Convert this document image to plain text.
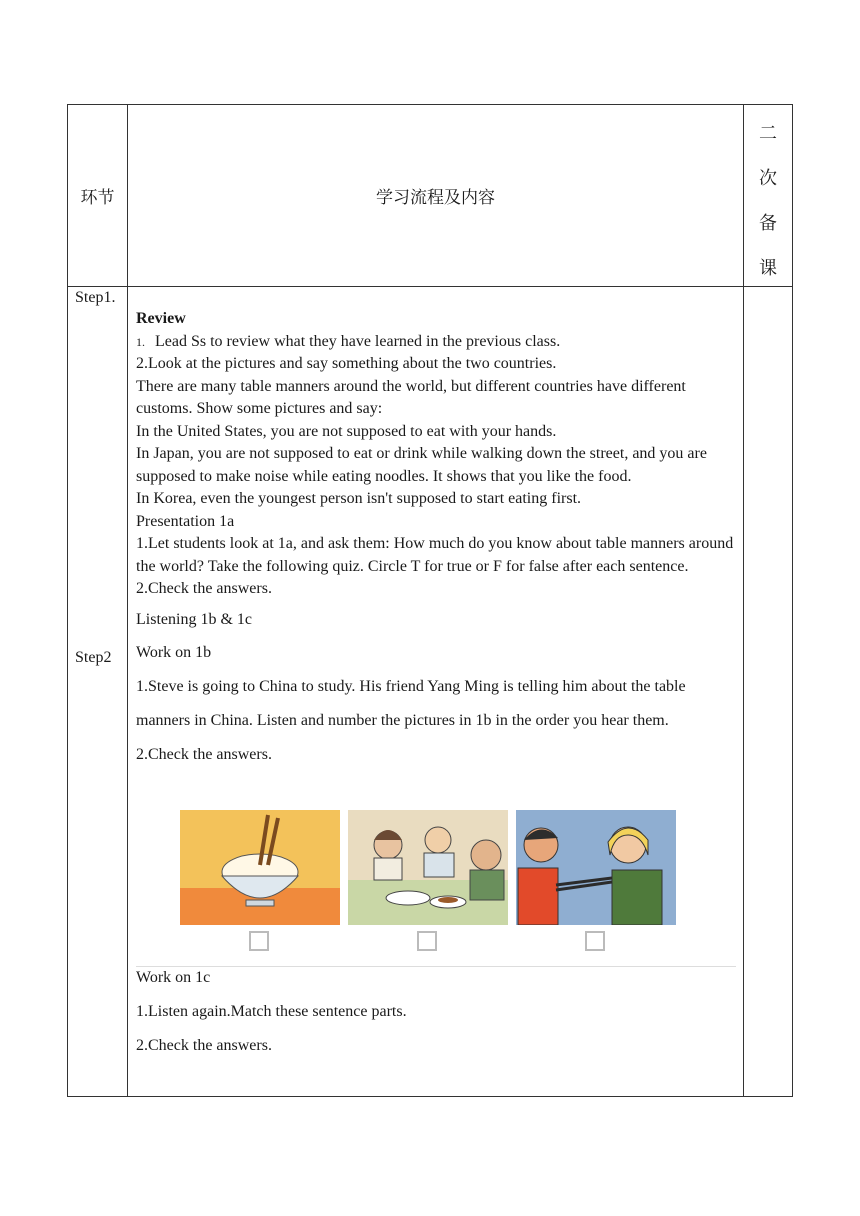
环节	学习流程及内容
二
次
备
课
Step1.
Step2

Review

1. Lead Ss to review what they have learned in the previous class.

2.Look at the pictures and say something about the two countries.

There are many table manners around the world, but different countries have different customs. Show some pictures and say:

In the United States, you are not supposed to eat with your hands.

In Japan, you are not supposed to eat or drink while walking down the street, and you are supposed to make noise while eating noodles. It shows that you like the food.

In Korea, even the youngest person isn't supposed to start eating first.

Presentation 1a

1.Let students look at 1a, and ask them: How much do you know about table manners around the world? Take the following quiz. Circle T for true or F for false after each sentence.

2.Check the answers.

Listening 1b & 1c

Work on 1b

1.Steve is going to China to study. His friend Yang Ming is telling him about the table manners in China. Listen and number the pictures in 1b in the order you hear them.

2.Check the answers.

Work on 1c

1.Listen again.Match these sentence parts.

2.Check the answers.
